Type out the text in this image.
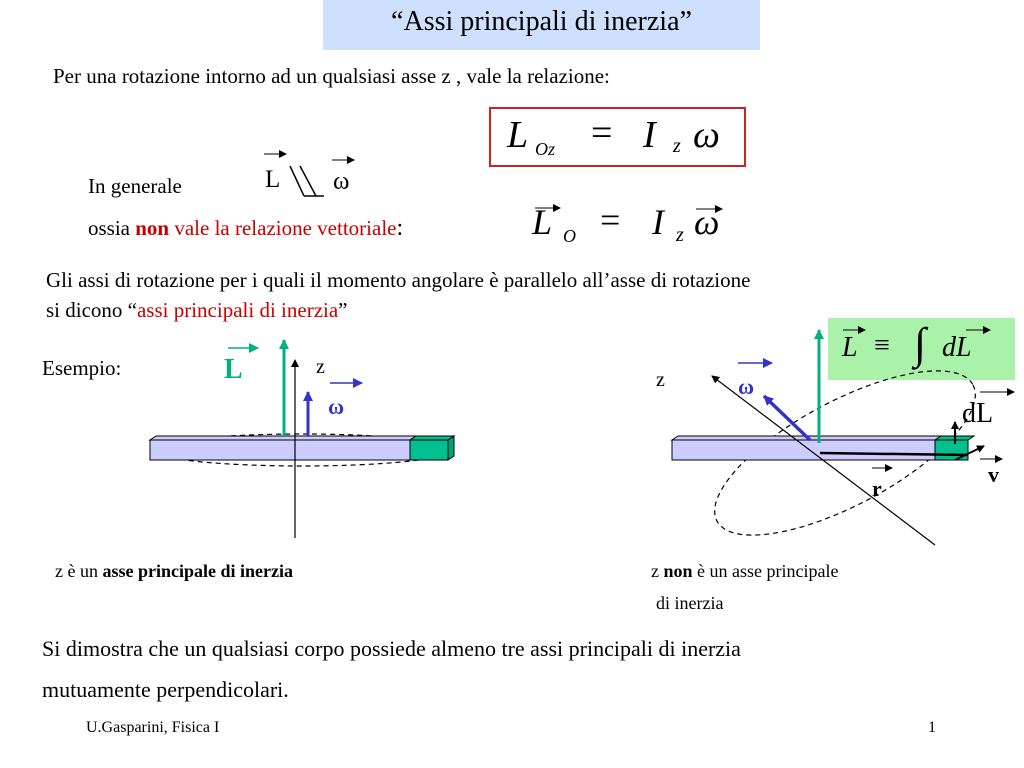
“Assi principali di inerzia”
Per una rotazione intorno ad un qualsiasi asse z , vale la relazione:
L Oz = I z ω
In generale	L ω
ossia non vale la relazione vettoriale:	L O = I z ω
Gli assi di rotazione per i quali il momento angolare è parallelo all’asse di rotazione
si dicono “assi principali di inerzia”
L ≡ ∫ dL
Esempio:	L	z
ω
z	ω
dL
v
r
z è un asse principale di inerzia	z non è un asse principale
di inerzia
Si dimostra che un qualsiasi corpo possiede almeno tre assi principali di inerzia
mutuamente perpendicolari.
U.Gasparini, Fisica I	1
